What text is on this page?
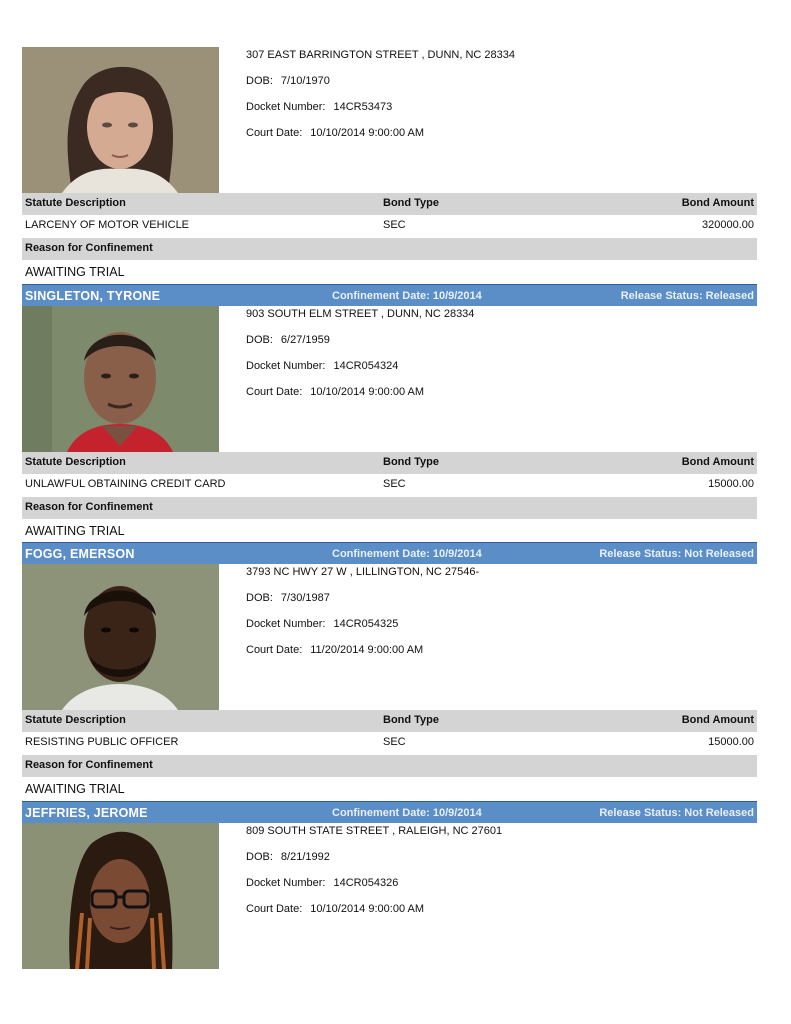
307 EAST BARRINGTON STREET , DUNN, NC 28334
DOB: 7/10/1970
Docket Number: 14CR53473
Court Date: 10/10/2014 9:00:00 AM
Statute Description	Bond Type	Bond Amount
LARCENY OF MOTOR VEHICLE	SEC	320000.00
Reason for Confinement
AWAITING TRIAL
SINGLETON, TYRONE	Confinement Date: 10/9/2014	Release Status: Released
903 SOUTH ELM STREET , DUNN, NC 28334
DOB: 6/27/1959
Docket Number: 14CR054324
Court Date: 10/10/2014 9:00:00 AM
Statute Description	Bond Type	Bond Amount
UNLAWFUL OBTAINING CREDIT CARD	SEC	15000.00
Reason for Confinement
AWAITING TRIAL
FOGG, EMERSON	Confinement Date: 10/9/2014	Release Status: Not Released
3793 NC HWY 27 W , LILLINGTON, NC 27546-
DOB: 7/30/1987
Docket Number: 14CR054325
Court Date: 11/20/2014 9:00:00 AM
Statute Description	Bond Type	Bond Amount
RESISTING PUBLIC OFFICER	SEC	15000.00
Reason for Confinement
AWAITING TRIAL
JEFFRIES, JEROME	Confinement Date: 10/9/2014	Release Status: Not Released
809 SOUTH STATE STREET , RALEIGH, NC 27601
DOB: 8/21/1992
Docket Number: 14CR054326
Court Date: 10/10/2014 9:00:00 AM
